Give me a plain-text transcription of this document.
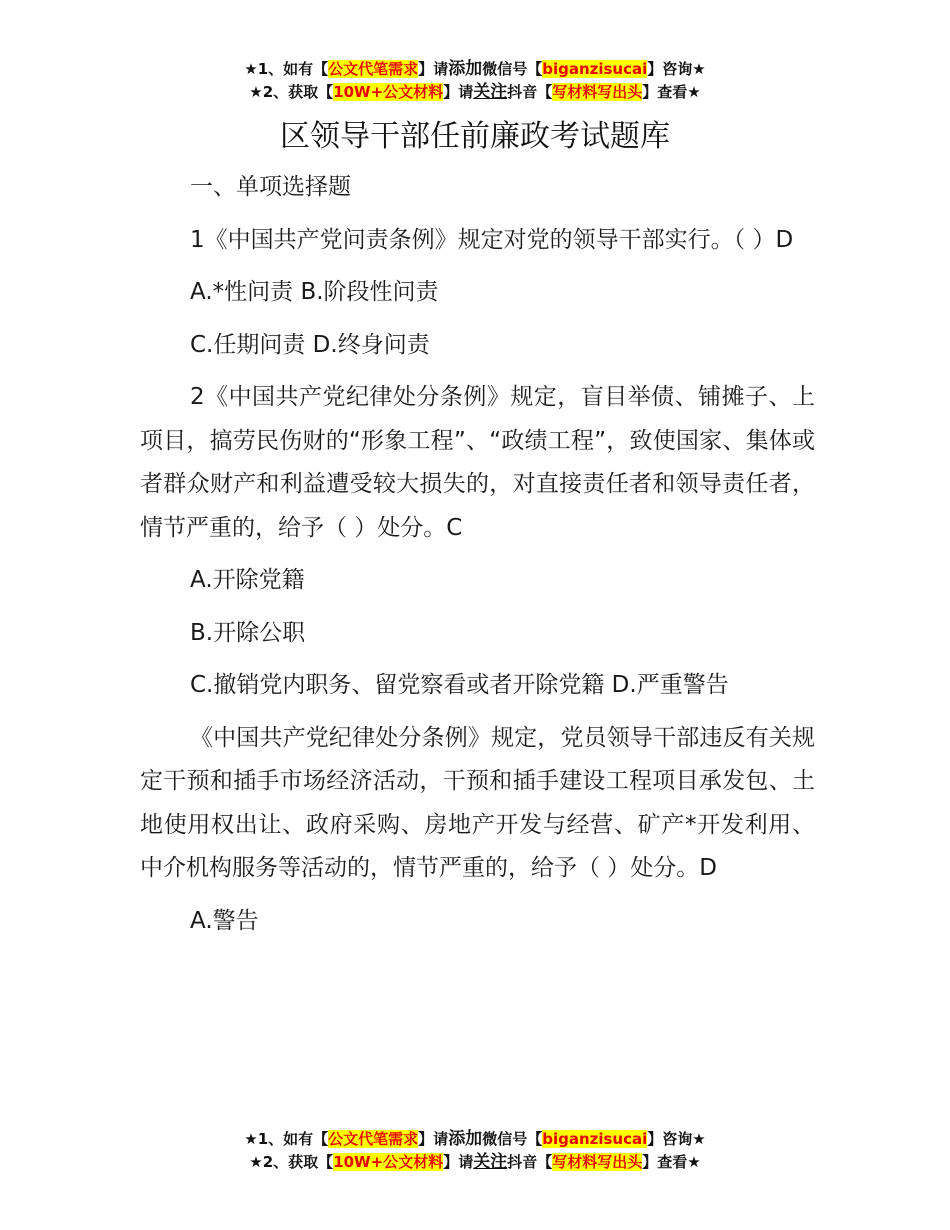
★1、如有【公文代笔需求】请添加微信号【biganzisucai】咨询★
★2、获取【10W+公文材料】请关注抖音【写材料写出头】查看★
区领导干部任前廉政考试题库

一、单项选择题

1《中国共产党问责条例》规定对党的领导干部实行。（ ）D

A.*性问责 B.阶段性问责

C.任期问责 D.终身问责

2《中国共产党纪律处分条例》规定，盲目举债、铺摊子、上项目，搞劳民伤财的“形象工程”、“政绩工程”，致使国家、集体或者群众财产和利益遭受较大损失的，对直接责任者和领导责任者，情节严重的，给予（ ）处分。C

A.开除党籍

B.开除公职

C.撤销党内职务、留党察看或者开除党籍 D.严重警告

《中国共产党纪律处分条例》规定，党员领导干部违反有关规定干预和插手市场经济活动，干预和插手建设工程项目承发包、土地使用权出让、政府采购、房地产开发与经营、矿产*开发利用、中介机构服务等活动的，情节严重的，给予（ ）处分。D

A.警告

★1、如有【公文代笔需求】请添加微信号【biganzisucai】咨询★
★2、获取【10W+公文材料】请关注抖音【写材料写出头】查看★
